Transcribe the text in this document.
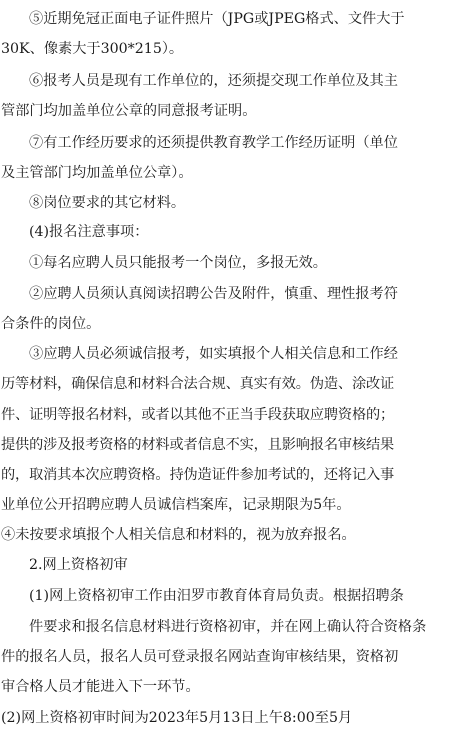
⑤近期免冠正面电子证件照片（JPG或JPEG格式、文件大于
30K、像素大于300*215）。
⑥报考人员是现有工作单位的，还须提交现工作单位及其主
管部门均加盖单位公章的同意报考证明。
⑦有工作经历要求的还须提供教育教学工作经历证明（单位
及主管部门均加盖单位公章）。
⑧岗位要求的其它材料。
(4)报名注意事项：
①每名应聘人员只能报考一个岗位，多报无效。
②应聘人员须认真阅读招聘公告及附件，慎重、理性报考符
合条件的岗位。
③应聘人员必须诚信报考，如实填报个人相关信息和工作经
历等材料，确保信息和材料合法合规、真实有效。伪造、涂改证
件、证明等报名材料，或者以其他不正当手段获取应聘资格的；
提供的涉及报考资格的材料或者信息不实，且影响报名审核结果
的，取消其本次应聘资格。持伪造证件参加考试的，还将记入事
业单位公开招聘应聘人员诚信档案库，记录期限为5年。
④未按要求填报个人相关信息和材料的，视为放弃报名。
2.网上资格初审
(1)网上资格初审工作由汨罗市教育体育局负责。根据招聘条
件要求和报名信息材料进行资格初审，并在网上确认符合资格条
件的报名人员，报名人员可登录报名网站查询审核结果，资格初
审合格人员才能进入下一环节。
(2)网上资格初审时间为2023年5月13日上午8:00至5月
